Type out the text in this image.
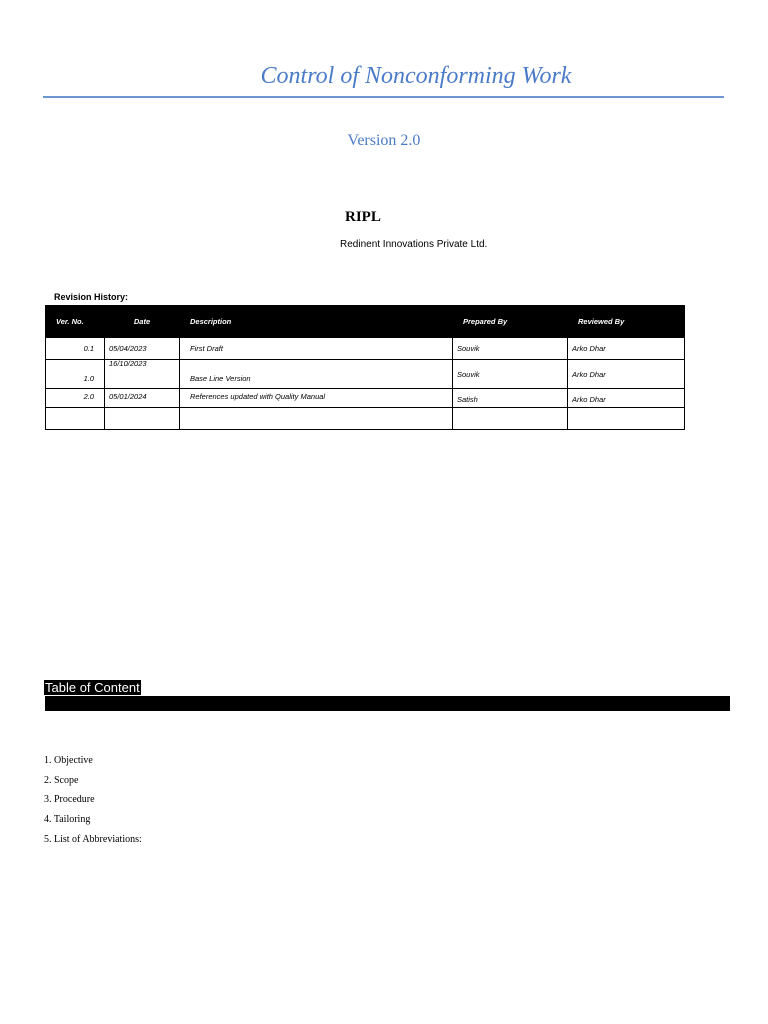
Control of Nonconforming Work
Version 2.0
RIPL
Redinent Innovations Private Ltd.
Revision History:
Ver. No.	Date	Description	Prepared By	Reviewed By
0.1	05/04/2023	First Draft	Souvik	Arko Dhar
1.0	16/10/2023	Base Line Version	Souvik	Arko Dhar
2.0	05/01/2024	References updated with Quality Manual	Satish	Arko Dhar

Table of Content
1. Objective
2. Scope
3. Procedure
4. Tailoring
5. List of Abbreviations:
